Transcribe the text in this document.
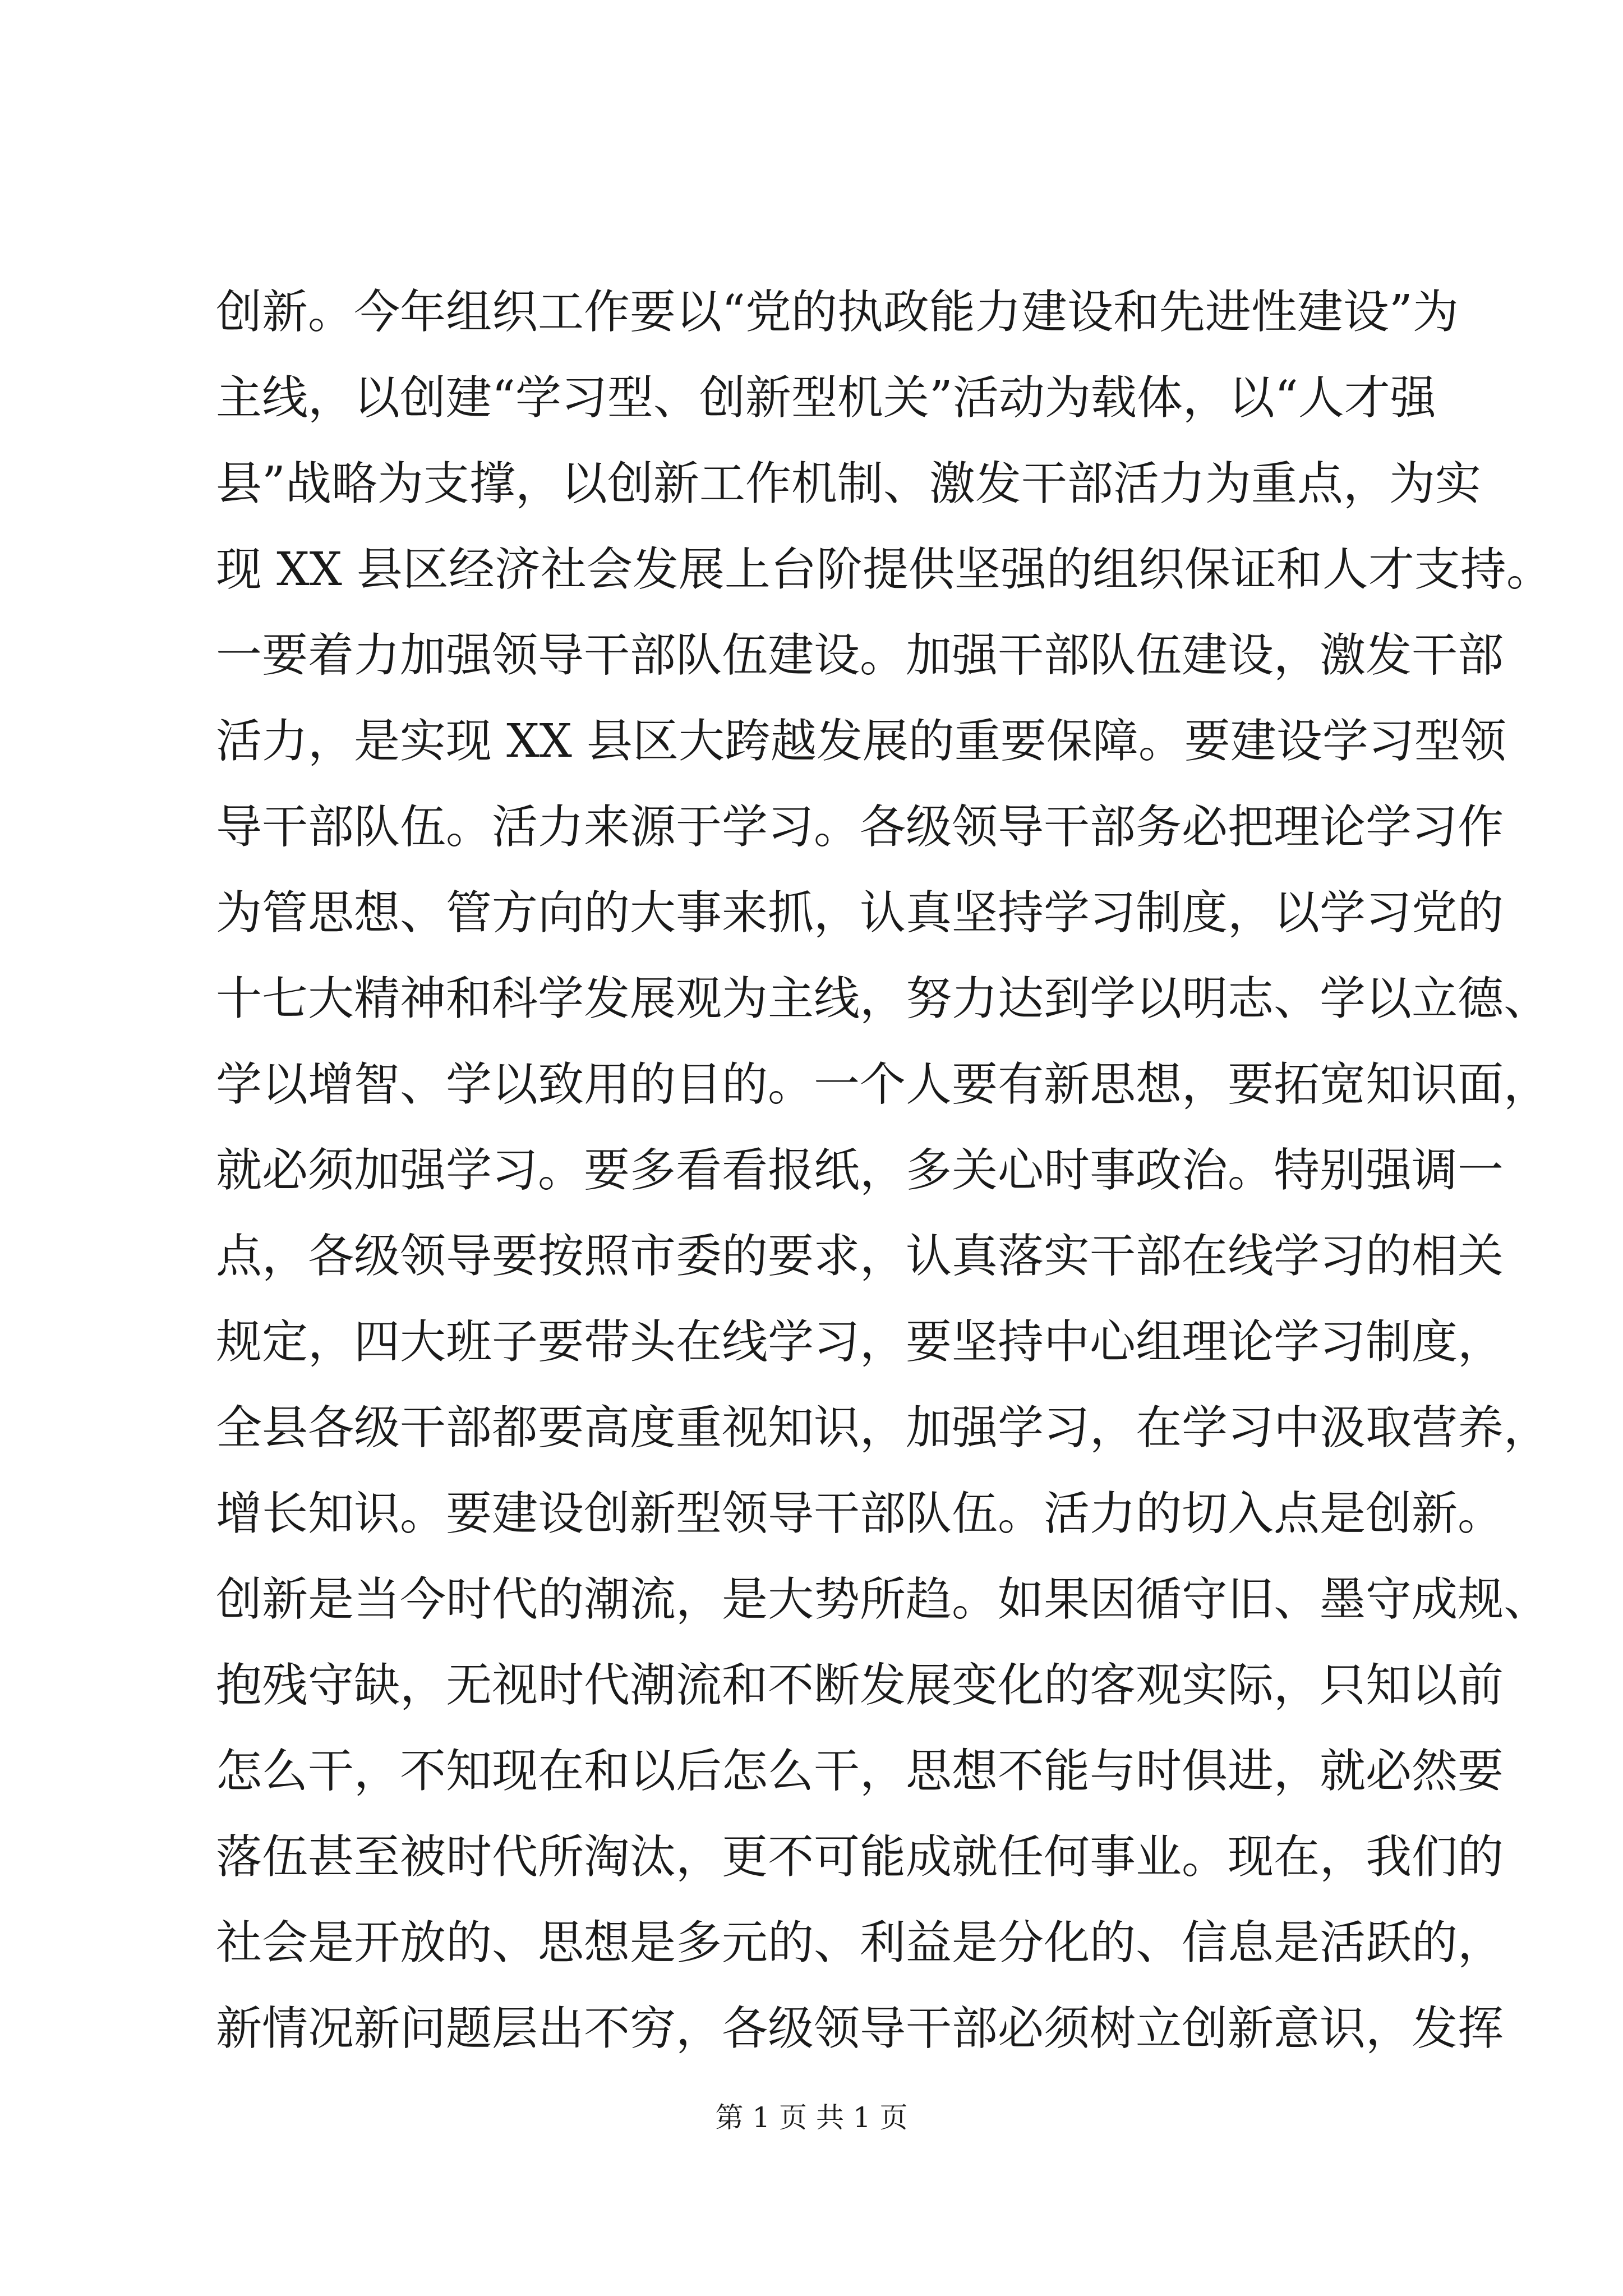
创新。今年组织工作要以“党的执政能力建设和先进性建设”为
主线，以创建“学习型、创新型机关”活动为载体，以“人才强
县”战略为支撑，以创新工作机制、激发干部活力为重点，为实
现 XX 县区经济社会发展上台阶提供坚强的组织保证和人才支持。
一要着力加强领导干部队伍建设。加强干部队伍建设，激发干部
活力，是实现 XX 县区大跨越发展的重要保障。要建设学习型领
导干部队伍。活力来源于学习。各级领导干部务必把理论学习作
为管思想、管方向的大事来抓，认真坚持学习制度，以学习党的
十七大精神和科学发展观为主线，努力达到学以明志、学以立德、
学以增智、学以致用的目的。一个人要有新思想，要拓宽知识面，
就必须加强学习。要多看看报纸，多关心时事政治。特别强调一
点，各级领导要按照市委的要求，认真落实干部在线学习的相关
规定，四大班子要带头在线学习，要坚持中心组理论学习制度，
全县各级干部都要高度重视知识，加强学习，在学习中汲取营养，
增长知识。要建设创新型领导干部队伍。活力的切入点是创新。
创新是当今时代的潮流，是大势所趋。如果因循守旧、墨守成规、
抱残守缺，无视时代潮流和不断发展变化的客观实际，只知以前
怎么干，不知现在和以后怎么干，思想不能与时俱进，就必然要
落伍甚至被时代所淘汰，更不可能成就任何事业。现在，我们的
社会是开放的、思想是多元的、利益是分化的、信息是活跃的，
新情况新问题层出不穷，各级领导干部必须树立创新意识，发挥
第 1 页 共 1 页
